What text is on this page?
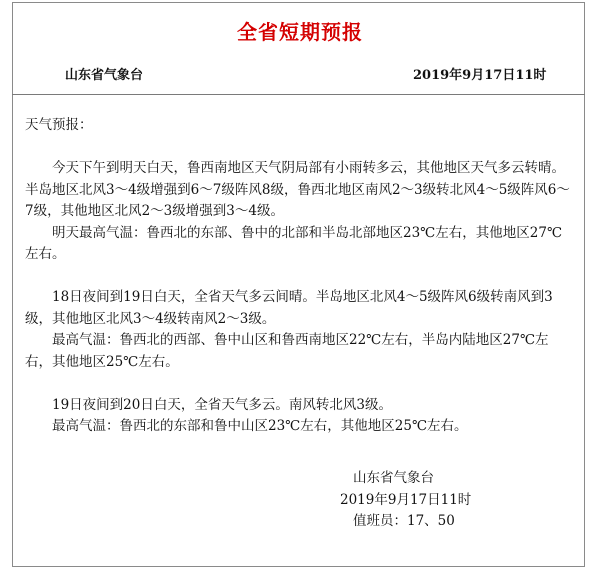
全省短期预报
山东省气象台	2019年9月17日11时

天气预报：

今天下午到明天白天，鲁西南地区天气阴局部有小雨转多云，其他地区天气多云转晴。半岛地区北风3～4级增强到6～7级阵风8级，鲁西北地区南风2～3级转北风4～5级阵风6～7级，其他地区北风2～3级增强到3～4级。

明天最高气温：鲁西北的东部、鲁中的北部和半岛北部地区23℃左右，其他地区27℃左右。

18日夜间到19日白天，全省天气多云间晴。半岛地区北风4～5级阵风6级转南风到3级，其他地区北风3～4级转南风2～3级。

最高气温：鲁西北的西部、鲁中山区和鲁西南地区22℃左右，半岛内陆地区27℃左右，其他地区25℃左右。

19日夜间到20日白天，全省天气多云。南风转北风3级。

最高气温：鲁西北的东部和鲁中山区23℃左右，其他地区25℃左右。

山东省气象台
2019年9月17日11时
值班员：17、50
